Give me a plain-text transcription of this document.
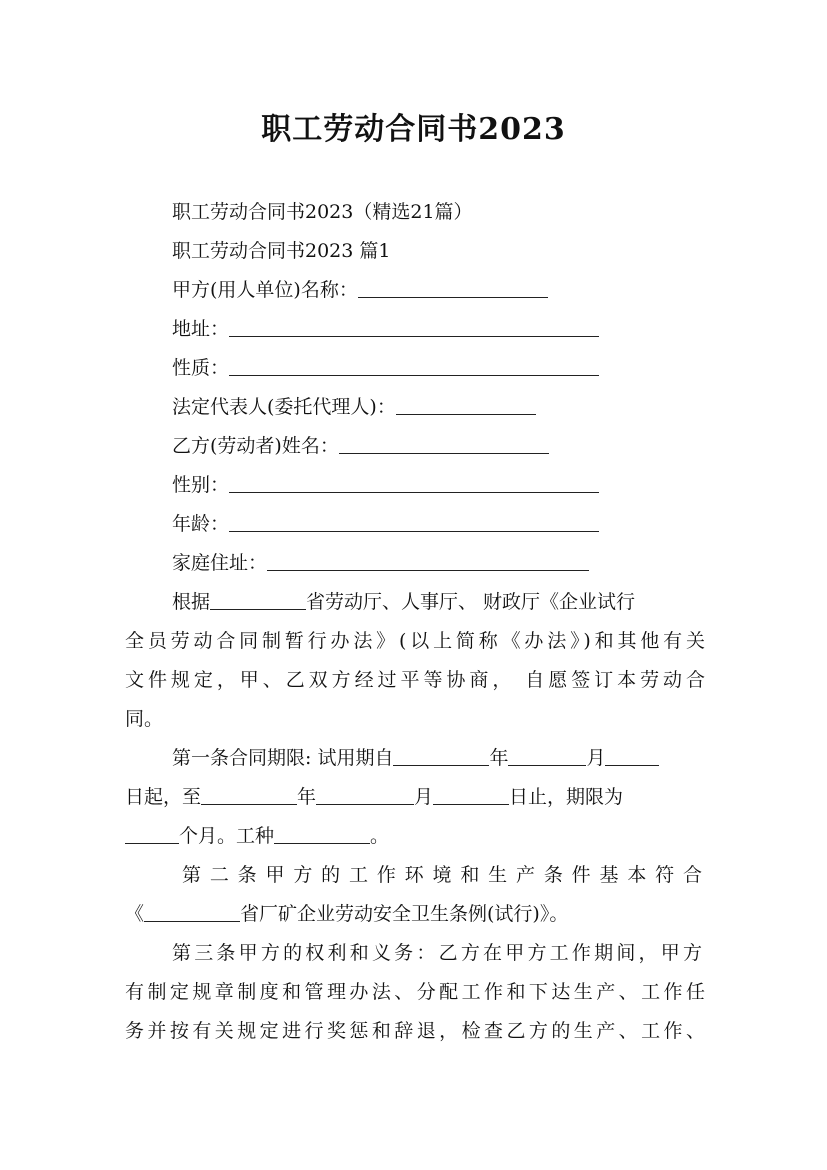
职工劳动合同书2023
职工劳动合同书2023（精选21篇）
职工劳动合同书2023 篇1
甲方(用人单位)名称：
地址：
性质：
法定代表人(委托代理人)：
乙方(劳动者)姓名：
性别：
年龄：
家庭住址：
根据	省劳动厅、人事厅、 财政厅《企业试行
全员劳动合同制暂行办法》(以上简称《办法》)和其他有关
文件规定，甲、乙双方经过平等协商， 自愿签订本劳动合
同。
第一条合同期限: 试用期自	年	月
日起，至	年	月	日止，期限为
个月。工种	。
第二条甲方的工作环境和生产条件基本符合
《	省厂矿企业劳动安全卫生条例(试行)》。
第三条甲方的权利和义务：乙方在甲方工作期间，甲方
有制定规章制度和管理办法、分配工作和下达生产、工作任
务并按有关规定进行奖惩和辞退，检查乙方的生产、工作、
